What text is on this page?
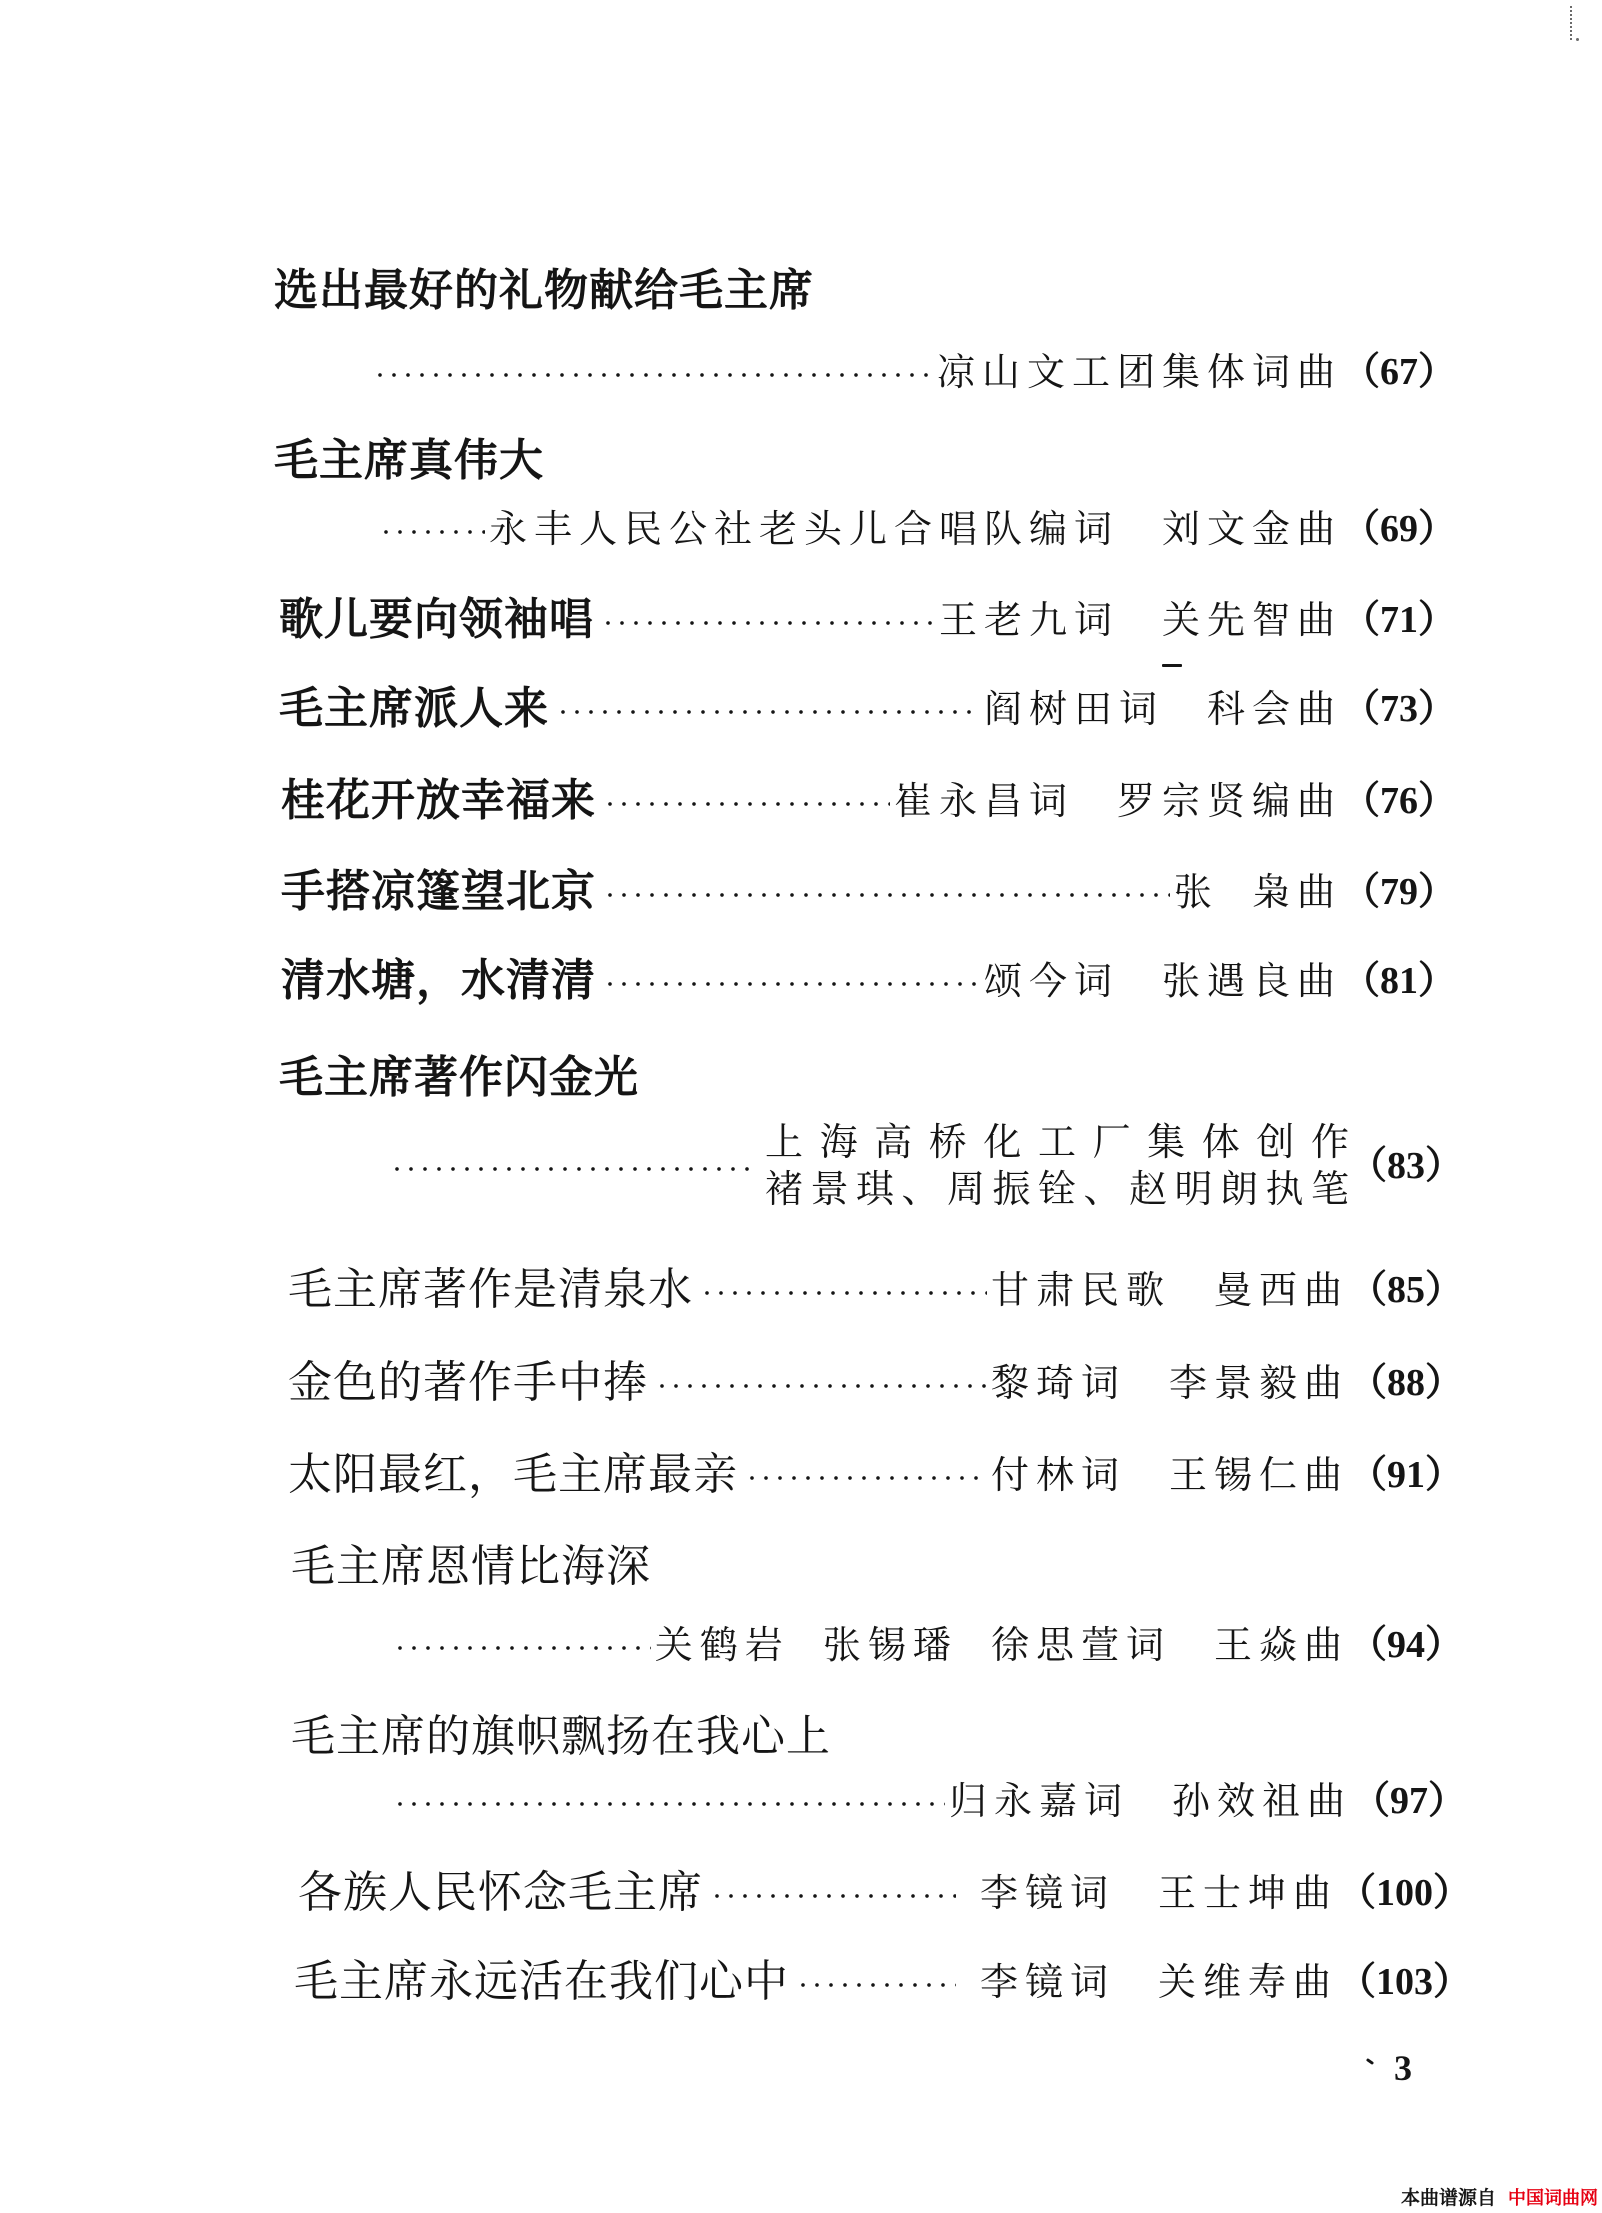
选出最好的礼物献给毛主席
凉山文工团集体词曲 （67）
毛主席真伟大
永丰人民公社老头儿合唱队编词 刘文金曲 （69）
歌儿要向领袖唱	王老九词 关先智曲 （71）
毛主席派人来	阎树田词 科会曲 （73）
桂花开放幸福来	崔永昌词 罗宗贤编曲 （76）
手搭凉篷望北京	张 枭曲 （79）
清水塘，水清清	颂今词 张遇良曲 （81）
毛主席著作闪金光
上海高桥化工厂集体创作
褚景琪、周振铨、赵明朗执笔
（83）
毛主席著作是清泉水	甘肃民歌 曼西曲 （85）
金色的著作手中捧	黎琦词 李景毅曲 （88）
太阳最红，毛主席最亲	付林词 王锡仁曲 （91）
毛主席恩情比海深
关鹤岩 张锡璠 徐思萱词 王焱曲 （94）
毛主席的旗帜飘扬在我心上
归永嘉词 孙效祖曲 （97）
各族人民怀念毛主席	李镜词 王士坤曲 （100）
毛主席永远活在我们心中	李镜词 关维寿曲 （103）
3
本曲谱源自 中国词曲网
